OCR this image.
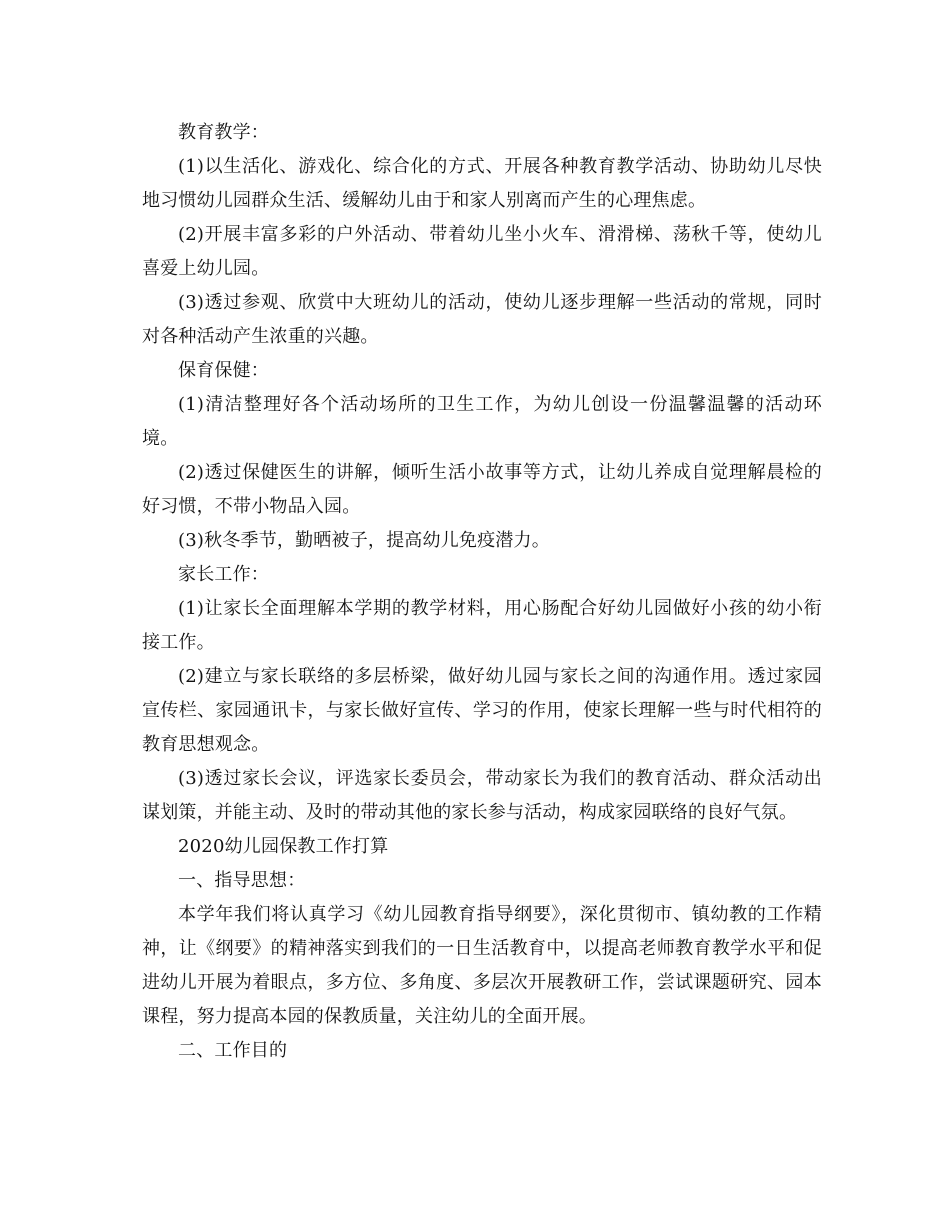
教育教学：

(1)以生活化、游戏化、综合化的方式、开展各种教育教学活动、协助幼儿尽快地习惯幼儿园群众生活、缓解幼儿由于和家人别离而产生的心理焦虑。

(2)开展丰富多彩的户外活动、带着幼儿坐小火车、滑滑梯、荡秋千等，使幼儿喜爱上幼儿园。

(3)透过参观、欣赏中大班幼儿的活动，使幼儿逐步理解一些活动的常规，同时对各种活动产生浓重的兴趣。

保育保健：

(1)清洁整理好各个活动场所的卫生工作，为幼儿创设一份温馨温馨的活动环境。

(2)透过保健医生的讲解，倾听生活小故事等方式，让幼儿养成自觉理解晨检的好习惯，不带小物品入园。

(3)秋冬季节，勤晒被子，提高幼儿免疫潜力。

家长工作：

(1)让家长全面理解本学期的教学材料，用心肠配合好幼儿园做好小孩的幼小衔接工作。

(2)建立与家长联络的多层桥梁，做好幼儿园与家长之间的沟通作用。透过家园宣传栏、家园通讯卡，与家长做好宣传、学习的作用，使家长理解一些与时代相符的教育思想观念。

(3)透过家长会议，评选家长委员会，带动家长为我们的教育活动、群众活动出谋划策，并能主动、及时的带动其他的家长参与活动，构成家园联络的良好气氛。

2020幼儿园保教工作打算

一、指导思想：

本学年我们将认真学习《幼儿园教育指导纲要》，深化贯彻市、镇幼教的工作精神，让《纲要》的精神落实到我们的一日生活教育中，以提高老师教育教学水平和促进幼儿开展为着眼点，多方位、多角度、多层次开展教研工作，尝试课题研究、园本课程，努力提高本园的保教质量，关注幼儿的全面开展。

二、工作目的
